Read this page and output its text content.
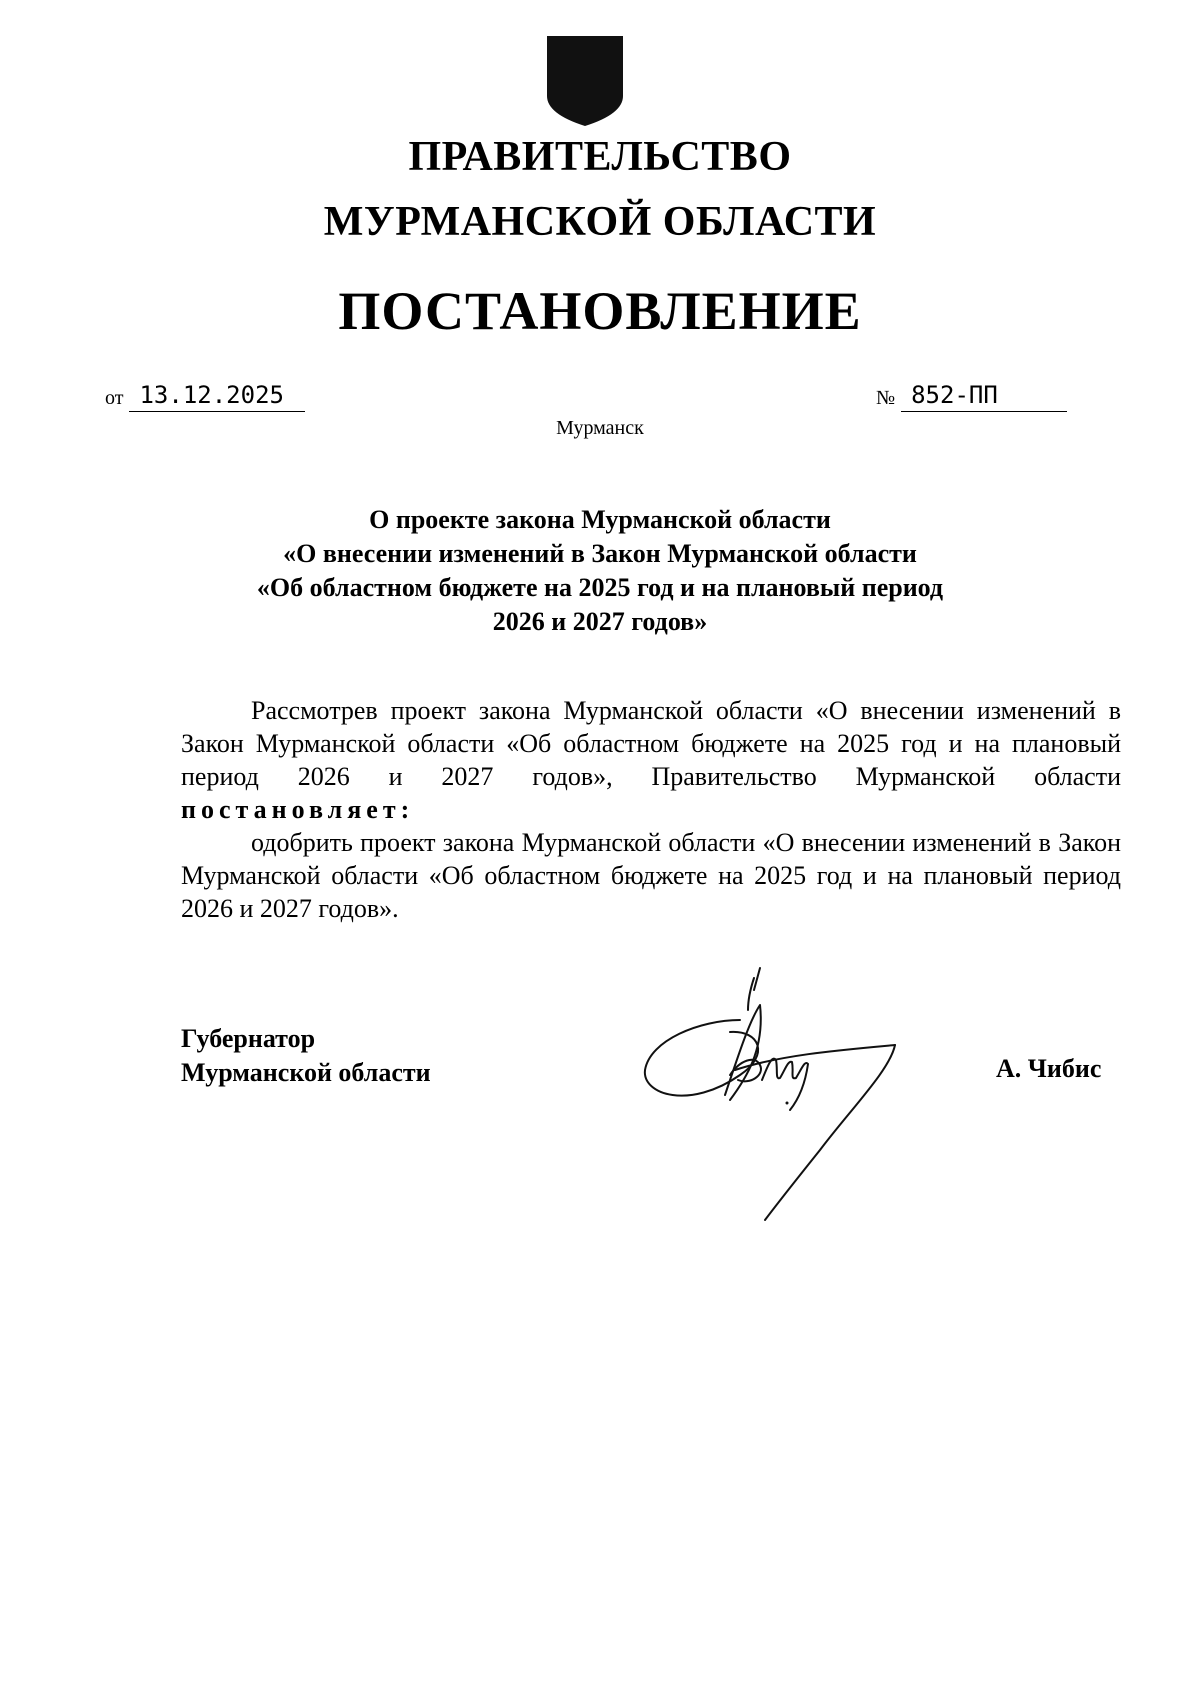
ПРАВИТЕЛЬСТВО
МУРМАНСКОЙ ОБЛАСТИ
ПОСТАНОВЛЕНИЕ
от 13.12.2025	№ 852-ПП
Мурманск
О проекте закона Мурманской области
«О внесении изменений в Закон Мурманской области
«Об областном бюджете на 2025 год и на плановый период
2026 и 2027 годов»

Рассмотрев проект закона Мурманской области «О внесении изменений в Закон Мурманской области «Об областном бюджете на 2025 год и на плановый период 2026 и 2027 годов», Правительство Мурманской области постановляет:

одобрить проект закона Мурманской области «О внесении изменений в Закон Мурманской области «Об областном бюджете на 2025 год и на плановый период 2026 и 2027 годов».

Губернатор
Мурманской области	А. Чибис
